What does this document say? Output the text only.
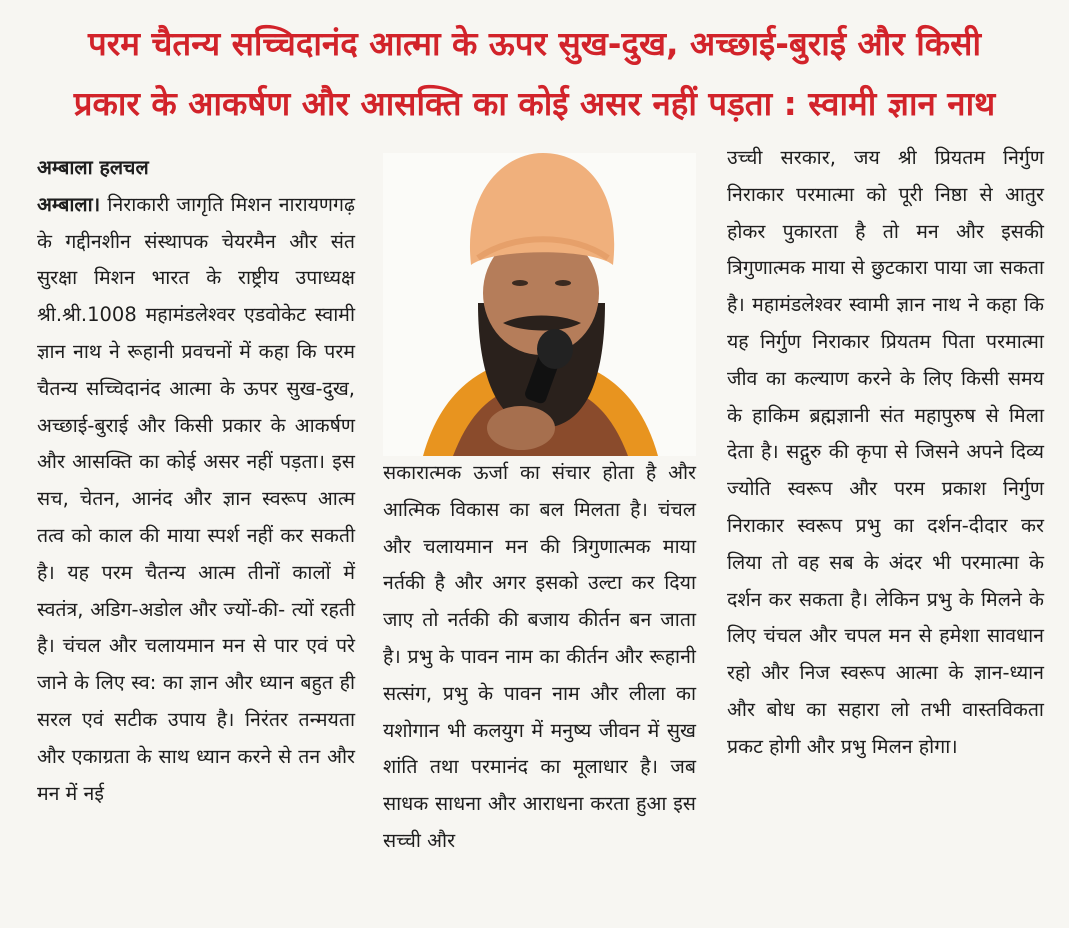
परम चैतन्य सच्चिदानंद आत्मा के ऊपर सुख-दुख, अच्छाई-बुराई और किसी
प्रकार के आकर्षण और आसक्ति का कोई असर नहीं पड़ता : स्वामी ज्ञान नाथ
अम्बाला हलचल

अम्बाला। निराकारी जागृति मिशन नारायणगढ़ के गद्दीनशीन संस्थापक चेयरमैन और संत सुरक्षा मिशन भारत के राष्ट्रीय उपाध्यक्ष श्री.श्री.1008 महामंडलेश्वर एडवोकेट स्वामी ज्ञान नाथ ने रूहानी प्रवचनों में कहा कि परम चैतन्य सच्चिदानंद आत्मा के ऊपर सुख-दुख, अच्छाई-बुराई और किसी प्रकार के आकर्षण और आसक्ति का कोई असर नहीं पड़ता। इस सच, चेतन, आनंद और ज्ञान स्वरूप आत्म तत्व को काल की माया स्पर्श नहीं कर सकती है। यह परम चैतन्य आत्म तीनों कालों में स्वतंत्र, अडिग-अडोल और ज्यों-की- त्यों रहती है। चंचल और चलायमान मन से पार एवं परे जाने के लिए स्व: का ज्ञान और ध्यान बहुत ही सरल एवं सटीक उपाय है। निरंतर तन्मयता और एकाग्रता के साथ ध्यान करने से तन और मन में नई

सकारात्मक ऊर्जा का संचार होता है और आत्मिक विकास का बल मिलता है। चंचल और चलायमान मन की त्रिगुणात्मक माया नर्तकी है और अगर इसको उल्टा कर दिया जाए तो नर्तकी की बजाय कीर्तन बन जाता है। प्रभु के पावन नाम का कीर्तन और रूहानी सत्संग, प्रभु के पावन नाम और लीला का यशोगान भी कलयुग में मनुष्य जीवन में सुख शांति तथा परमानंद का मूलाधार है। जब साधक साधना और आराधना करता हुआ इस सच्ची और

उच्ची सरकार, जय श्री प्रियतम निर्गुण निराकार परमात्मा को पूरी निष्ठा से आतुर होकर पुकारता है तो मन और इसकी त्रिगुणात्मक माया से छुटकारा पाया जा सकता है। महामंडलेश्वर स्वामी ज्ञान नाथ ने कहा कि यह निर्गुण निराकार प्रियतम पिता परमात्मा जीव का कल्याण करने के लिए किसी समय के हाकिम ब्रह्मज्ञानी संत महापुरुष से मिला देता है। सद्गुरु की कृपा से जिसने अपने दिव्य ज्योति स्वरूप और परम प्रकाश निर्गुण निराकार स्वरूप प्रभु का दर्शन-दीदार कर लिया तो वह सब के अंदर भी परमात्मा के दर्शन कर सकता है। लेकिन प्रभु के मिलने के लिए चंचल और चपल मन से हमेशा सावधान रहो और निज स्वरूप आत्मा के ज्ञान-ध्यान और बोध का सहारा लो तभी वास्तविकता प्रकट होगी और प्रभु मिलन होगा।
